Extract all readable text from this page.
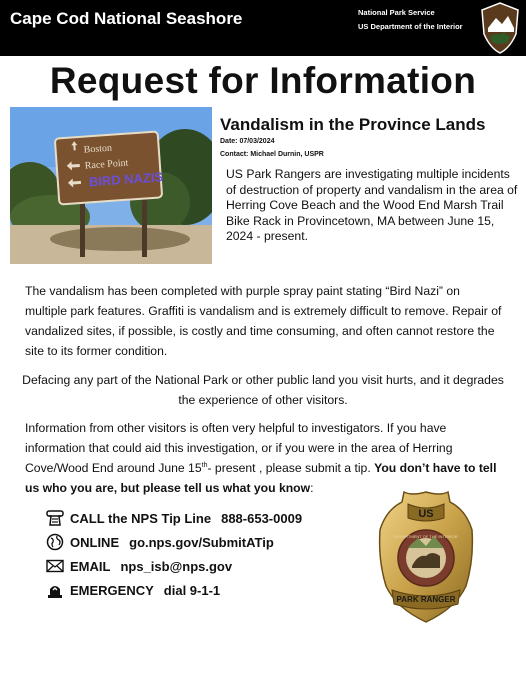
Cape Cod National Seashore	National Park Service
US Department of the Interior
Request for Information
Boston
Race Point
BIRD NAZIS
Vandalism in the Province Lands
Date: 07/03/2024
Contact: Michael Durnin, USPR
US Park Rangers are investigating multiple incidents of destruction of property and vandalism in the area of Herring Cove Beach and the Wood End Marsh Trail Bike Rack in Provincetown, MA between June 15, 2024 - present.
The vandalism has been completed with purple spray paint stating “Bird Nazi” on multiple park features. Graffiti is vandalism and is extremely difficult to remove. Repair of vandalized sites, if possible, is costly and time consuming, and often cannot restore the site to its former condition.
Defacing any part of the National Park or other public land you visit hurts, and it degrades the experience of other visitors.
Information from other visitors is often very helpful to investigators. If you have information that could aid this investigation, or if you were in the area of Herring Cove/Wood End around June 15th- present , please submit a tip. You don’t have to tell us who you are, but please tell us what you know:
CALL the NPS Tip Line 888-653-0009
ONLINE go.nps.gov/SubmitATip
EMAIL nps_isb@nps.gov
EMERGENCY dial 9-1-1
US
DEPARTMENT OF THE INTERIOR
PARK RANGER
